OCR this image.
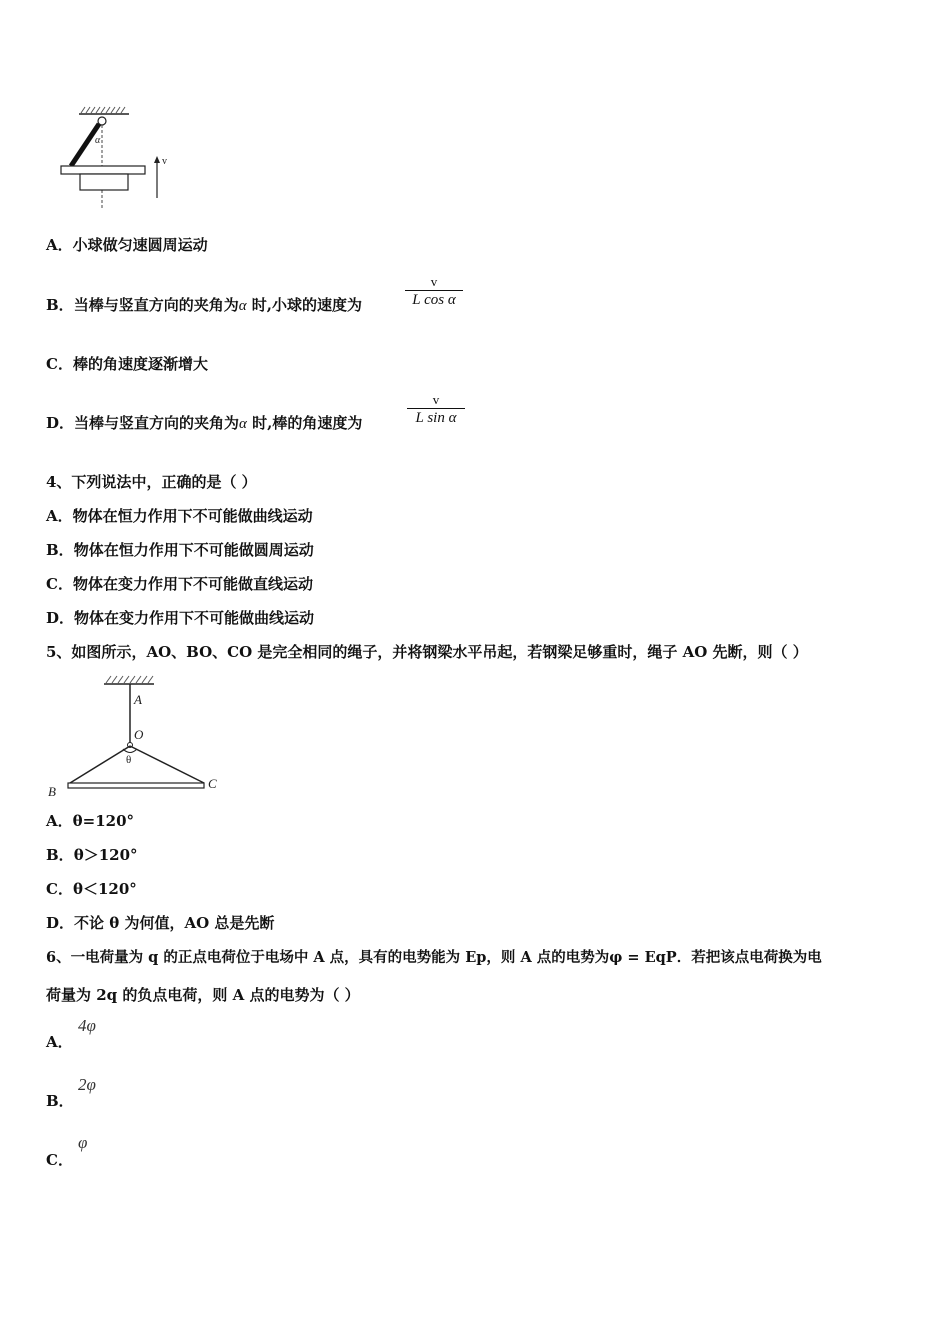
α
v
A．小球做匀速圆周运动
B．当棒与竖直方向的夹角为α 时,小球的速度为
v
L cos α
C．棒的角速度逐渐增大
D．当棒与竖直方向的夹角为α 时,棒的角速度为
v
L sin α
4、下列说法中，正确的是（ ）
A．物体在恒力作用下不可能做曲线运动
B．物体在恒力作用下不可能做圆周运动
C．物体在变力作用下不可能做直线运动
D．物体在变力作用下不可能做曲线运动
5、如图所示，AO、BO、CO 是完全相同的绳子，并将钢梁水平吊起，若钢梁足够重时，绳子 AO 先断，则（ ）
A
O
θ
B
C
A．θ=120°
B．θ＞120°
C．θ＜120°
D．不论 θ 为何值，AO 总是先断
6、一电荷量为 q 的正点电荷位于电场中 A 点，具有的电势能为 Ep，则 A 点的电势为φ = EqP．若把该点电荷换为电
荷量为 2q 的负点电荷，则 A 点的电势为（ ）
A．
4φ
B．
2φ
C．
φ
